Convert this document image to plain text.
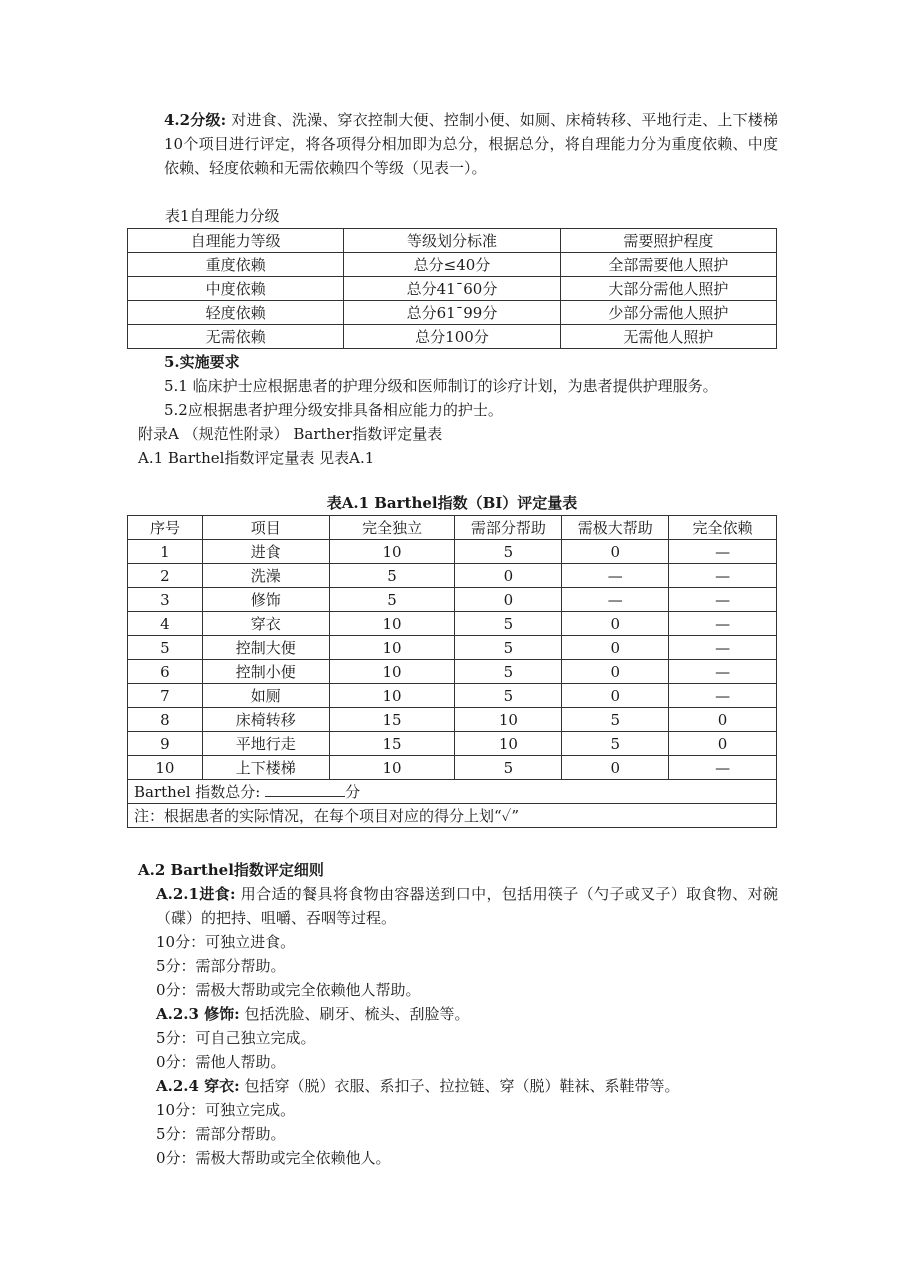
4.2分级: 对进食、洗澡、穿衣控制大便、控制小便、如厕、床椅转移、平地行走、上下楼梯10个项目进行评定，将各项得分相加即为总分，根据总分，将自理能力分为重度依赖、中度依赖、轻度依赖和无需依赖四个等级（见表一）。

表1自理能力分级

自理能力等级	等级划分标准	需要照护程度
重度依赖	总分≤40分	全部需要他人照护
中度依赖	总分41¯60分	大部分需他人照护
轻度依赖	总分61¯99分	少部分需他人照护
无需依赖	总分100分	无需他人照护

5.实施要求

5.1 临床护士应根据患者的护理分级和医师制订的诊疗计划，为患者提供护理服务。

5.2应根据患者护理分级安排具备相应能力的护士。

附录A （规范性附录） Barther指数评定量表

A.1 Barthel指数评定量表 见表A.1

表A.1 Barthel指数（BI）评定量表
序号	项目	完全独立	需部分帮助	需极大帮助	完全依赖
1	进食	10	5	0	—
2	洗澡	5	0	—	—
3	修饰	5	0	—	—
4	穿衣	10	5	0	—
5	控制大便	10	5	0	—
6	控制小便	10	5	0	—
7	如厕	10	5	0	—
8	床椅转移	15	10	5	0
9	平地行走	15	10	5	0
10	上下楼梯	10	5	0	—
Barthel 指数总分: 分					
注：根据患者的实际情况，在每个项目对应的得分上划“✓”					

A.2 Barthel指数评定细则

A.2.1进食: 用合适的餐具将食物由容器送到口中，包括用筷子（勺子或叉子）取食物、对碗（碟）的把持、咀嚼、吞咽等过程。

10分：可独立进食。

5分：需部分帮助。

0分：需极大帮助或完全依赖他人帮助。

A.2.3 修饰: 包括洗脸、刷牙、梳头、刮脸等。

5分：可自己独立完成。

0分：需他人帮助。

A.2.4 穿衣: 包括穿（脱）衣服、系扣子、拉拉链、穿（脱）鞋袜、系鞋带等。

10分：可独立完成。

5分：需部分帮助。

0分：需极大帮助或完全依赖他人。
